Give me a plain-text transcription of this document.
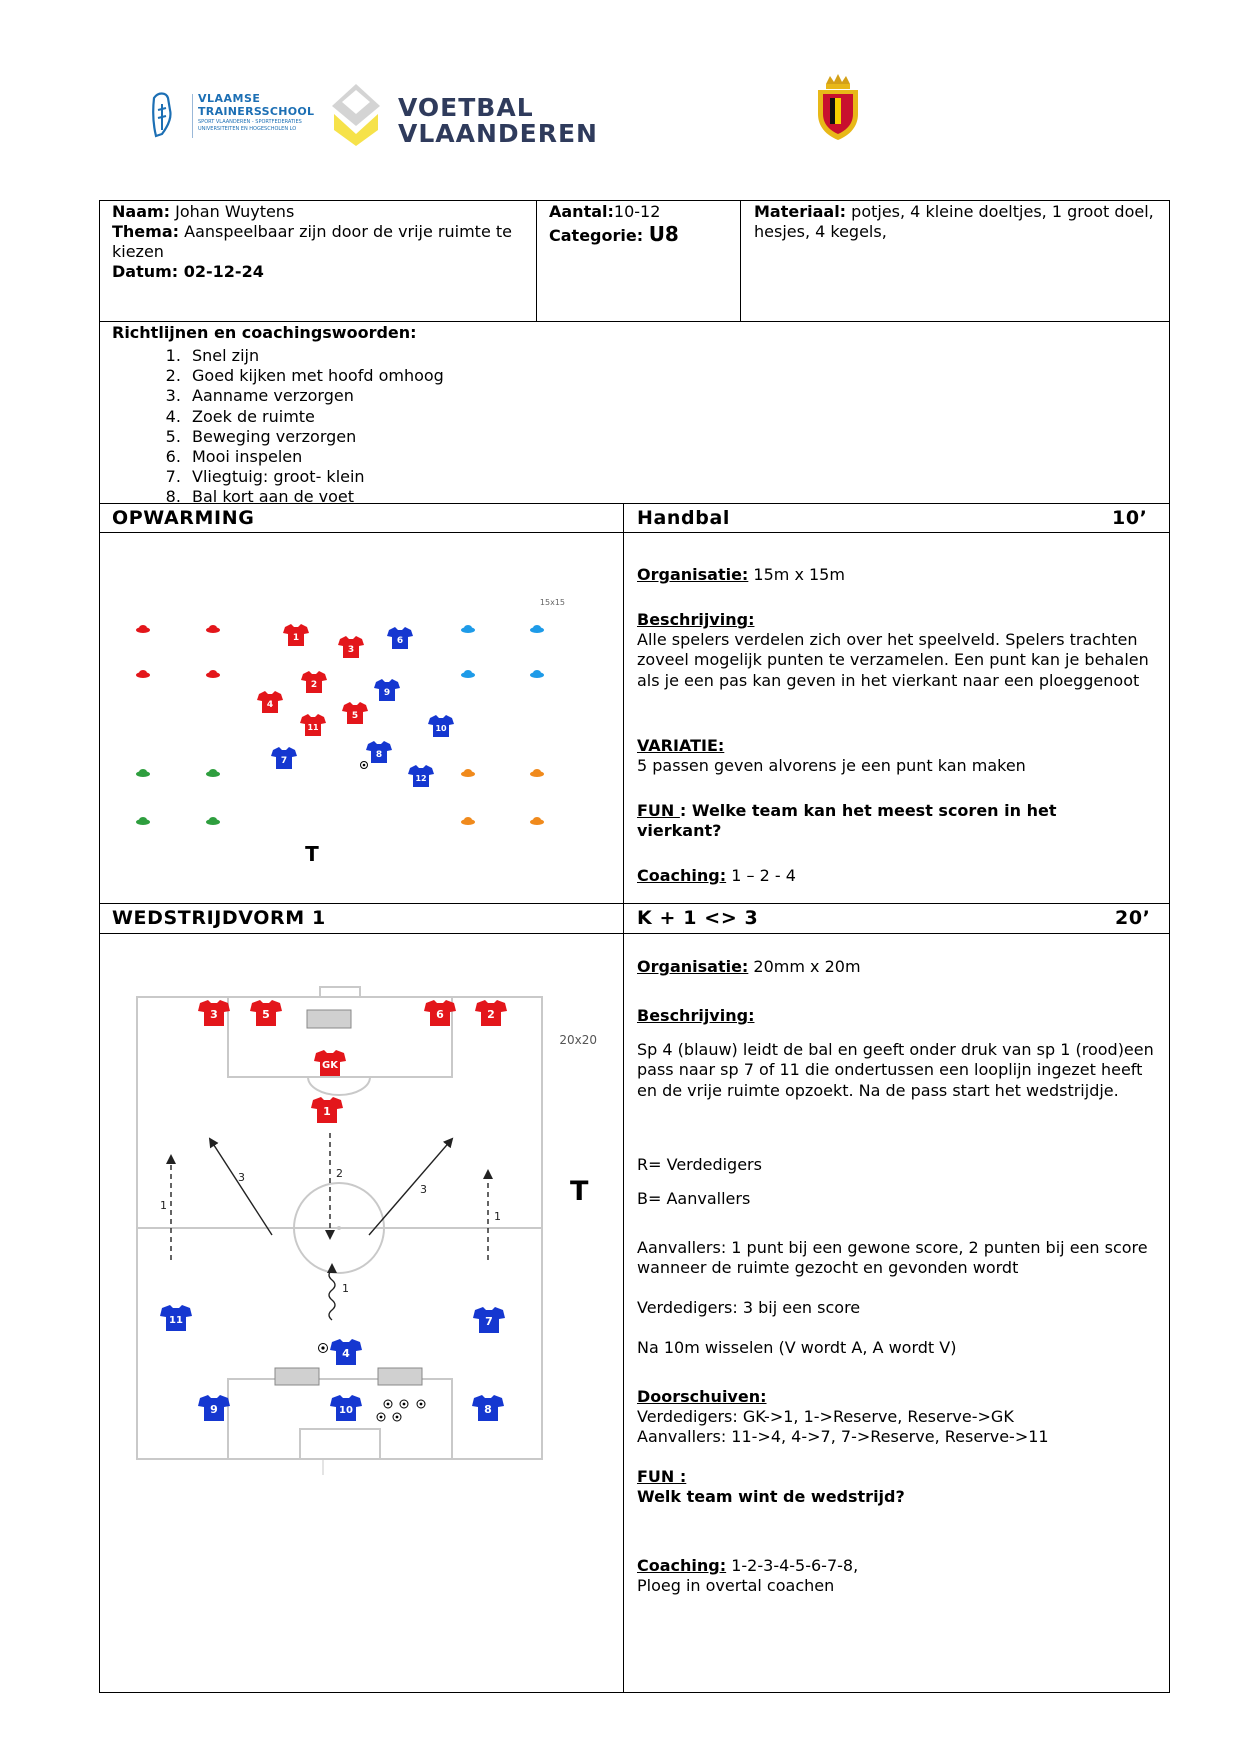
VLAAMSE
TRAINERSSCHOOL
SPORT VLAANDEREN - SPORTFEDERATIES
UNIVERSITEITEN EN HOGESCHOLEN LO
VOETBAL
VLAANDEREN
Naam: Johan Wuytens
Thema: Aanspeelbaar zijn door de vrije ruimte te kiezen
Datum: 02-12-24
Aantal:10-12
Categorie: U8
Materiaal: potjes, 4 kleine doeltjes, 1 groot doel, hesjes, 4 kegels,
Richtlijnen en coachingswoorden:
1. Snel zijn
2. Goed kijken met hoofd omhoog
3. Aanname verzorgen
4. Zoek de ruimte
5. Beweging verzorgen
6. Mooi inspelen
7. Vliegtuig: groot- klein
8. Bal kort aan de voet
OPWARMING	Handbal	10’
15x15
1
3
2
4
5
11
6
9
10
8
7
12
T
Organisatie: 15m x 15m
Beschrijving:
Alle spelers verdelen zich over het speelveld. Spelers trachten zoveel mogelijk punten te verzamelen. Een punt kan je behalen als je een pas kan geven in het vierkant naar een ploeggenoot
VARIATIE:
5 passen geven alvorens je een punt kan maken
FUN : Welke team kan het meest scoren in het vierkant?
Coaching: 1 – 2 - 4
WEDSTRIJDVORM 1	K + 1 <> 3	20’
20x20
3	2
3
1
1
1
3	5	6	2
GK
1
11	7
4
9	10	8
T
Organisatie: 20mm x 20m
Beschrijving:
Sp 4 (blauw) leidt de bal en geeft onder druk van sp 1 (rood)een pass naar sp 7 of 11 die ondertussen een looplijn ingezet heeft en de vrije ruimte opzoekt. Na de pass start het wedstrijdje.
R= Verdedigers
B= Aanvallers
Aanvallers: 1 punt bij een gewone score, 2 punten bij een score wanneer de ruimte gezocht en gevonden wordt
Verdedigers: 3 bij een score
Na 10m wisselen (V wordt A, A wordt V)
Doorschuiven:
Verdedigers: GK->1, 1->Reserve, Reserve->GK
Aanvallers: 11->4, 4->7, 7->Reserve, Reserve->11
FUN :
Welk team wint de wedstrijd?
Coaching: 1-2-3-4-5-6-7-8,
Ploeg in overtal coachen
